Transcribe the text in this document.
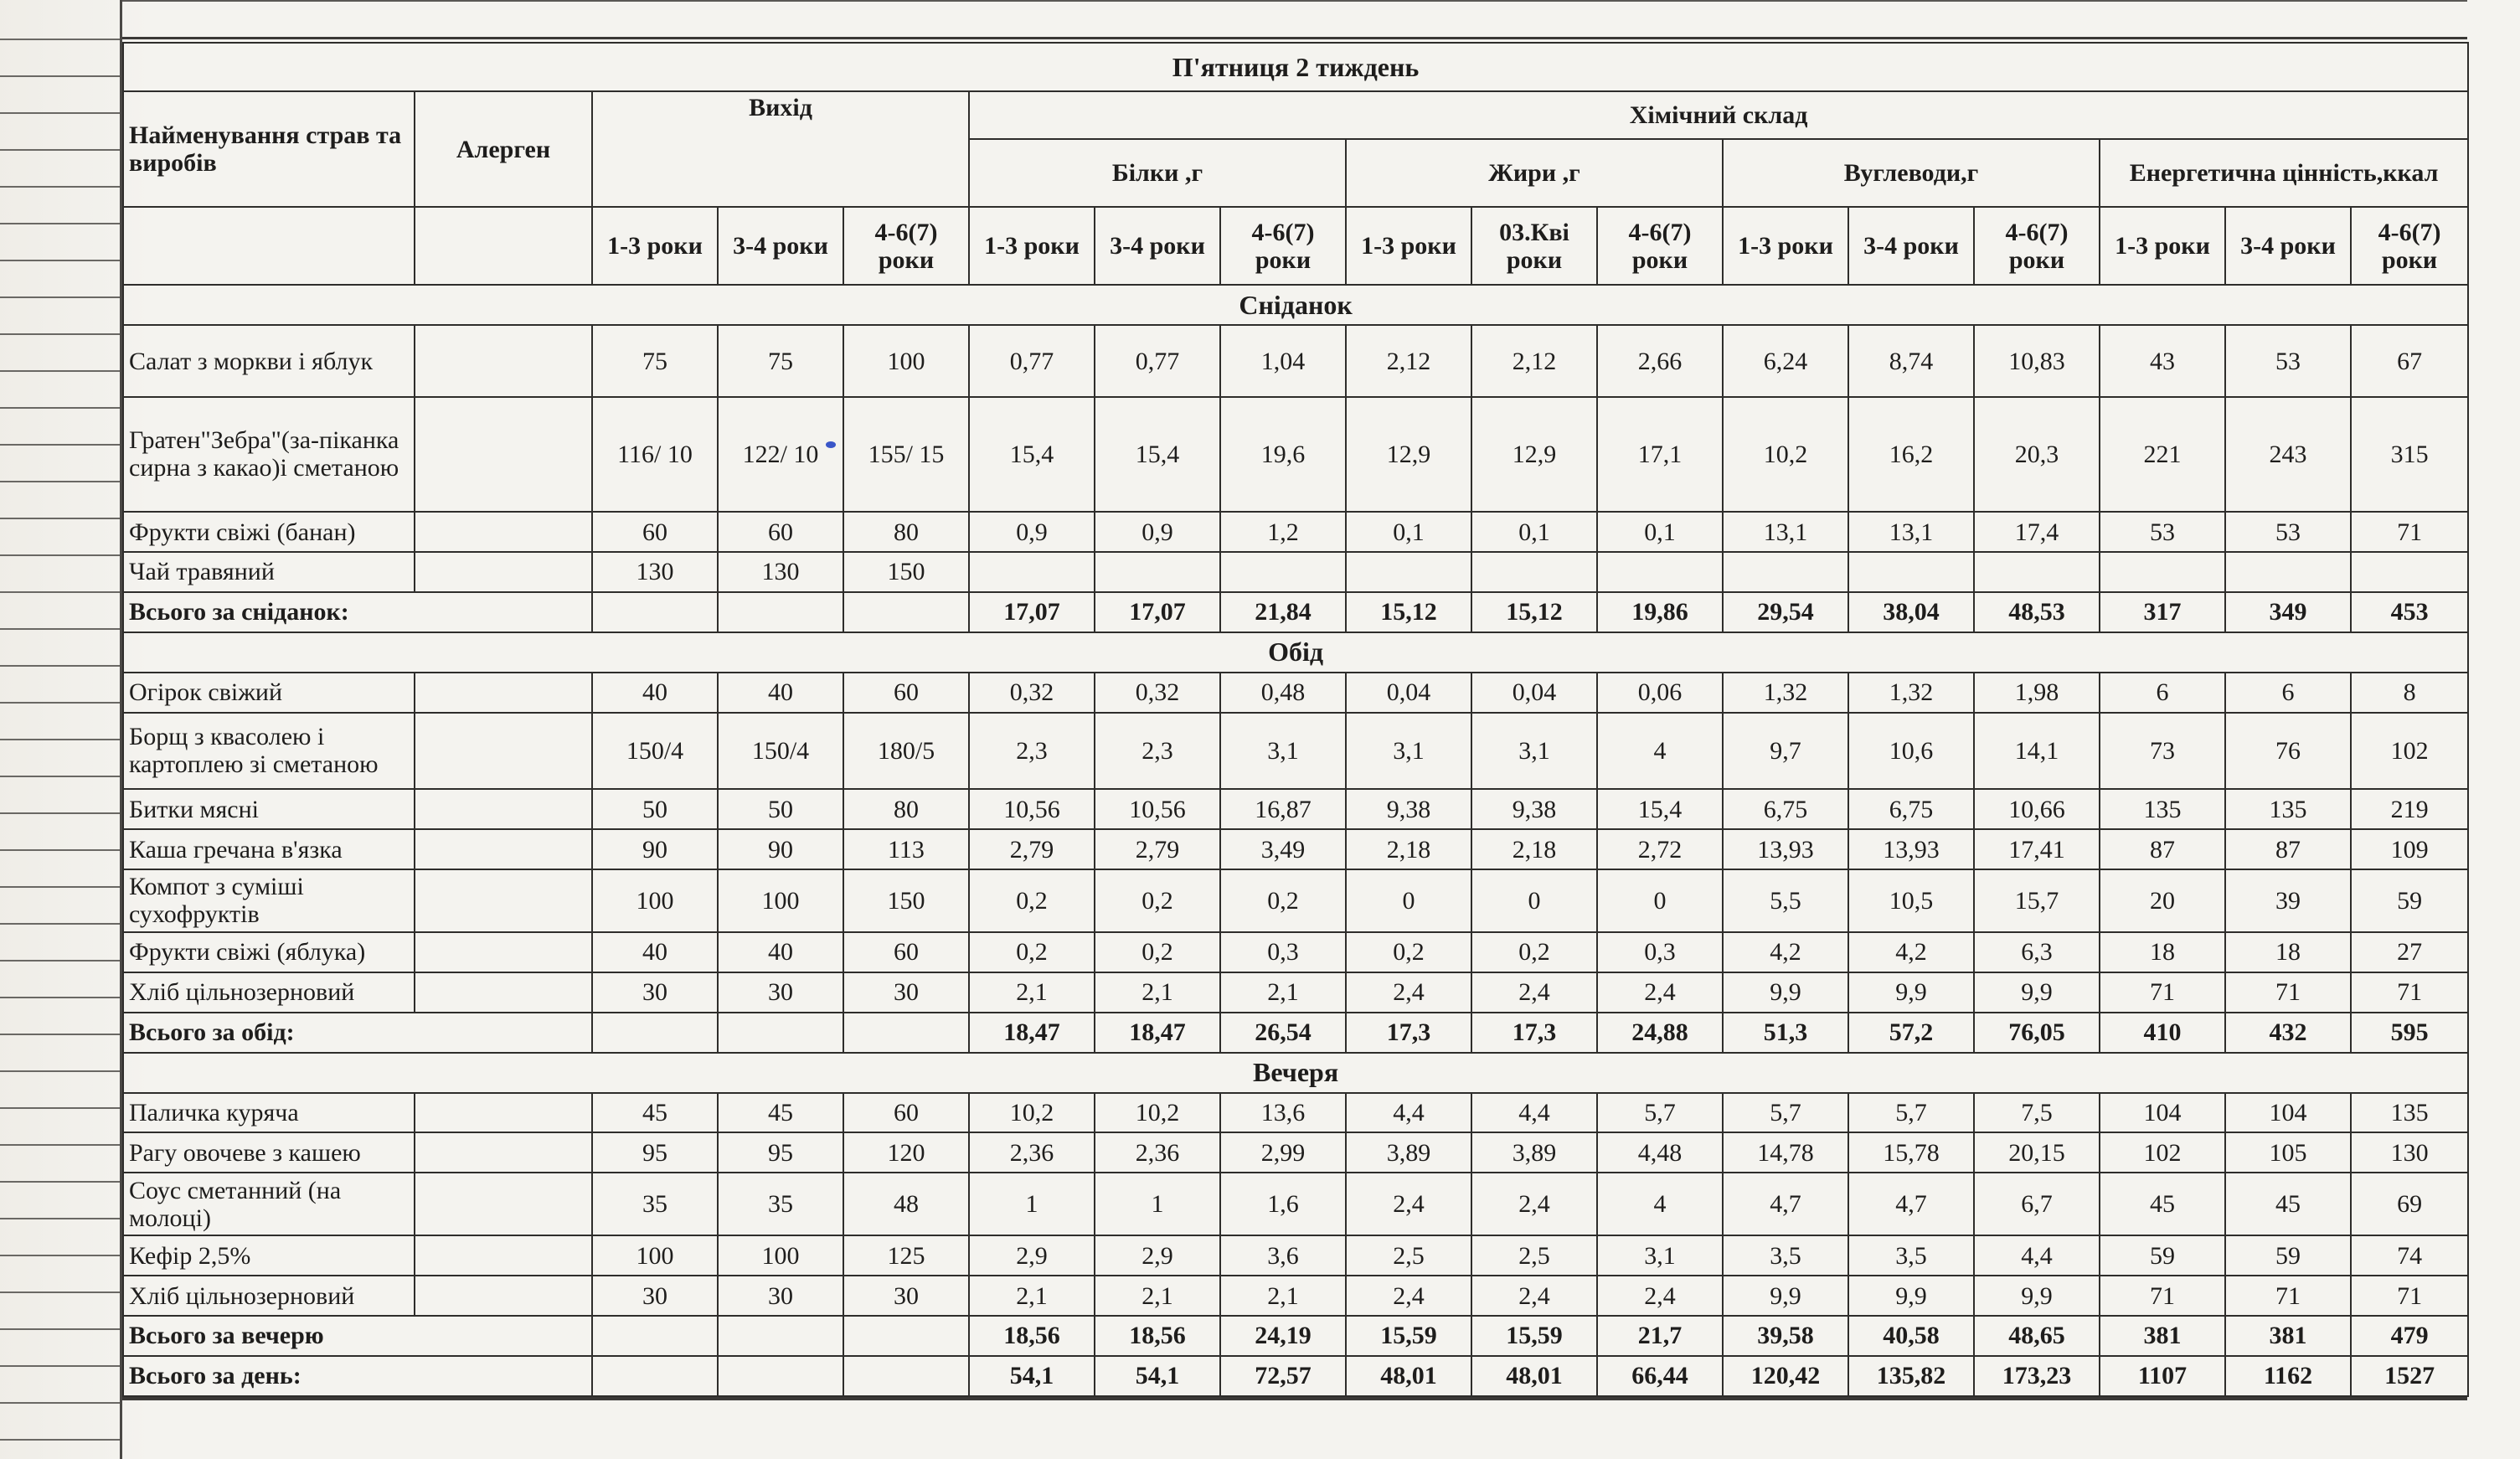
П'ятниця 2 тиждень																
Найменування страв та виробів	Алерген	Вихід			Хімічний склад											
					Білки ,г			Жири ,г			Вуглеводи,г			Енергетична цінність,ккал		
		1-3 роки	3-4 роки	4-6(7) роки	1-3 роки	3-4 роки	4-6(7) роки	1-3 роки	03.Кві роки	4-6(7) роки	1-3 роки	3-4 роки	4-6(7) роки	1-3 роки	3-4 роки	4-6(7) роки
Сніданок																
Салат з моркви і яблук		75	75	100	0,77	0,77	1,04	2,12	2,12	2,66	6,24	8,74	10,83	43	53	67
Гратен"Зебра"(за-піканка сирна з какао)і сметаною		116/ 10	122/ 10	155/ 15	15,4	15,4	19,6	12,9	12,9	17,1	10,2	16,2	20,3	221	243	315
Фрукти свіжі (банан)		60	60	80	0,9	0,9	1,2	0,1	0,1	0,1	13,1	13,1	17,4	53	53	71
Чай травяний		130	130	150												
Всього за сніданок:					17,07	17,07	21,84	15,12	15,12	19,86	29,54	38,04	48,53	317	349	453
Обід																
Огірок свіжий		40	40	60	0,32	0,32	0,48	0,04	0,04	0,06	1,32	1,32	1,98	6	6	8
Борщ з квасолею і картоплею зі сметаною		150/4	150/4	180/5	2,3	2,3	3,1	3,1	3,1	4	9,7	10,6	14,1	73	76	102
Битки мясні		50	50	80	10,56	10,56	16,87	9,38	9,38	15,4	6,75	6,75	10,66	135	135	219
Каша гречана в'язка		90	90	113	2,79	2,79	3,49	2,18	2,18	2,72	13,93	13,93	17,41	87	87	109
Компот з суміші сухофруктів		100	100	150	0,2	0,2	0,2	0	0	0	5,5	10,5	15,7	20	39	59
Фрукти свіжі (яблука)		40	40	60	0,2	0,2	0,3	0,2	0,2	0,3	4,2	4,2	6,3	18	18	27
Хліб цільнозерновий		30	30	30	2,1	2,1	2,1	2,4	2,4	2,4	9,9	9,9	9,9	71	71	71
Всього за обід:					18,47	18,47	26,54	17,3	17,3	24,88	51,3	57,2	76,05	410	432	595
Вечеря																
Паличка куряча		45	45	60	10,2	10,2	13,6	4,4	4,4	5,7	5,7	5,7	7,5	104	104	135
Рагу овочеве з кашею		95	95	120	2,36	2,36	2,99	3,89	3,89	4,48	14,78	15,78	20,15	102	105	130
Соус сметанний (на молоці)		35	35	48	1	1	1,6	2,4	2,4	4	4,7	4,7	6,7	45	45	69
Кефір 2,5%		100	100	125	2,9	2,9	3,6	2,5	2,5	3,1	3,5	3,5	4,4	59	59	74
Хліб цільнозерновий		30	30	30	2,1	2,1	2,1	2,4	2,4	2,4	9,9	9,9	9,9	71	71	71
Всього за вечерю					18,56	18,56	24,19	15,59	15,59	21,7	39,58	40,58	48,65	381	381	479
Всього за день:					54,1	54,1	72,57	48,01	48,01	66,44	120,42	135,82	173,23	1107	1162	1527
